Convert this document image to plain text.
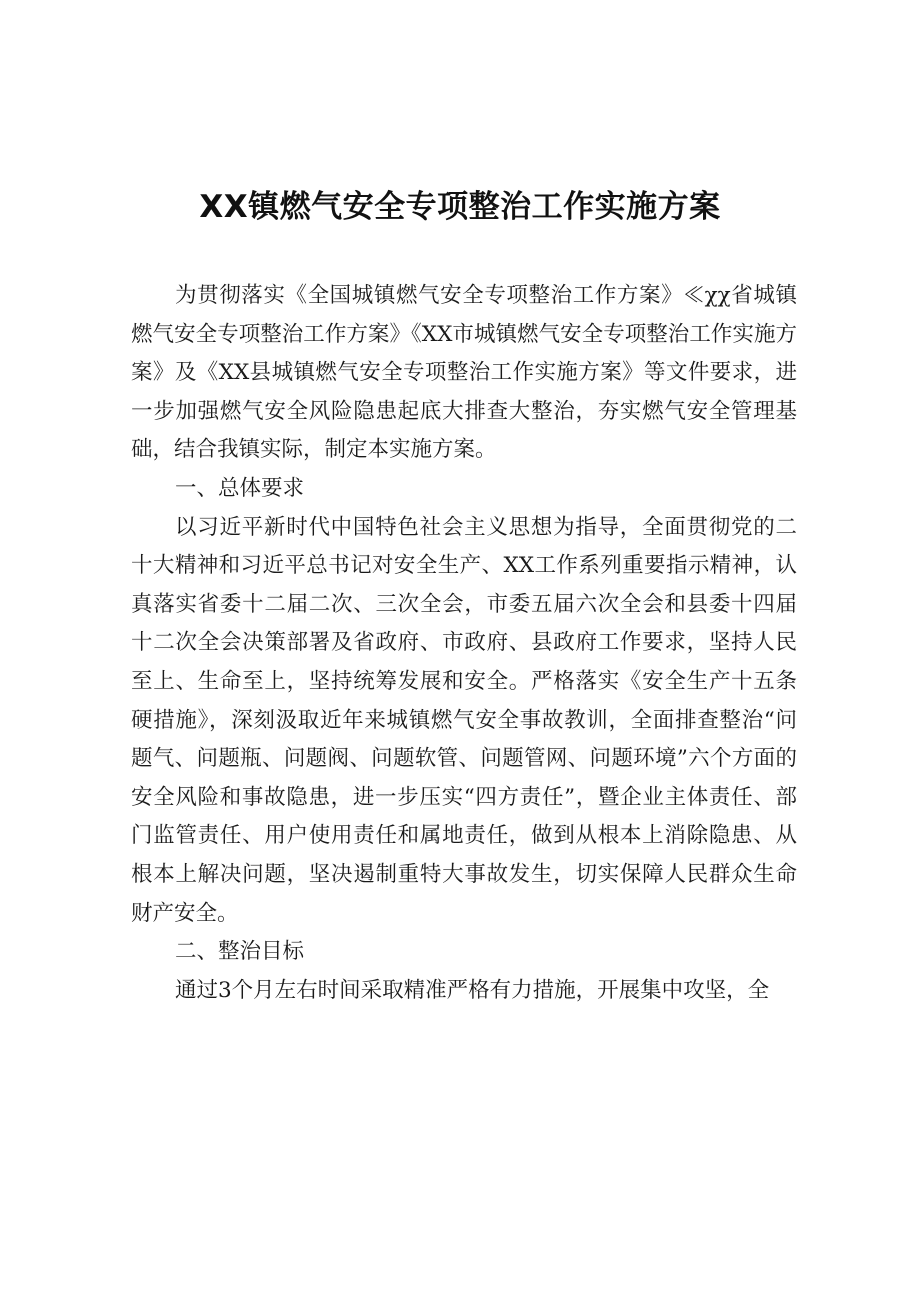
XX镇燃气安全专项整治工作实施方案

为贯彻落实《全国城镇燃气安全专项整治工作方案》≪χχ省城镇燃气安全专项整治工作方案》《XX市城镇燃气安全专项整治工作实施方案》及《XX县城镇燃气安全专项整治工作实施方案》等文件要求，进一步加强燃气安全风险隐患起底大排查大整治，夯实燃气安全管理基础，结合我镇实际，制定本实施方案。

一、总体要求

以习近平新时代中国特色社会主义思想为指导，全面贯彻党的二十大精神和习近平总书记对安全生产、XX工作系列重要指示精神，认真落实省委十二届二次、三次全会，市委五届六次全会和县委十四届十二次全会决策部署及省政府、市政府、县政府工作要求，坚持人民至上、生命至上，坚持统筹发展和安全。严格落实《安全生产十五条硬措施》，深刻汲取近年来城镇燃气安全事故教训，全面排查整治“问题气、问题瓶、问题阀、问题软管、问题管网、问题环境”六个方面的安全风险和事故隐患，进一步压实“四方责任”，暨企业主体责任、部门监管责任、用户使用责任和属地责任，做到从根本上消除隐患、从根本上解决问题，坚决遏制重特大事故发生，切实保障人民群众生命财产安全。

二、整治目标

通过3个月左右时间采取精准严格有力措施，开展集中攻坚，全
